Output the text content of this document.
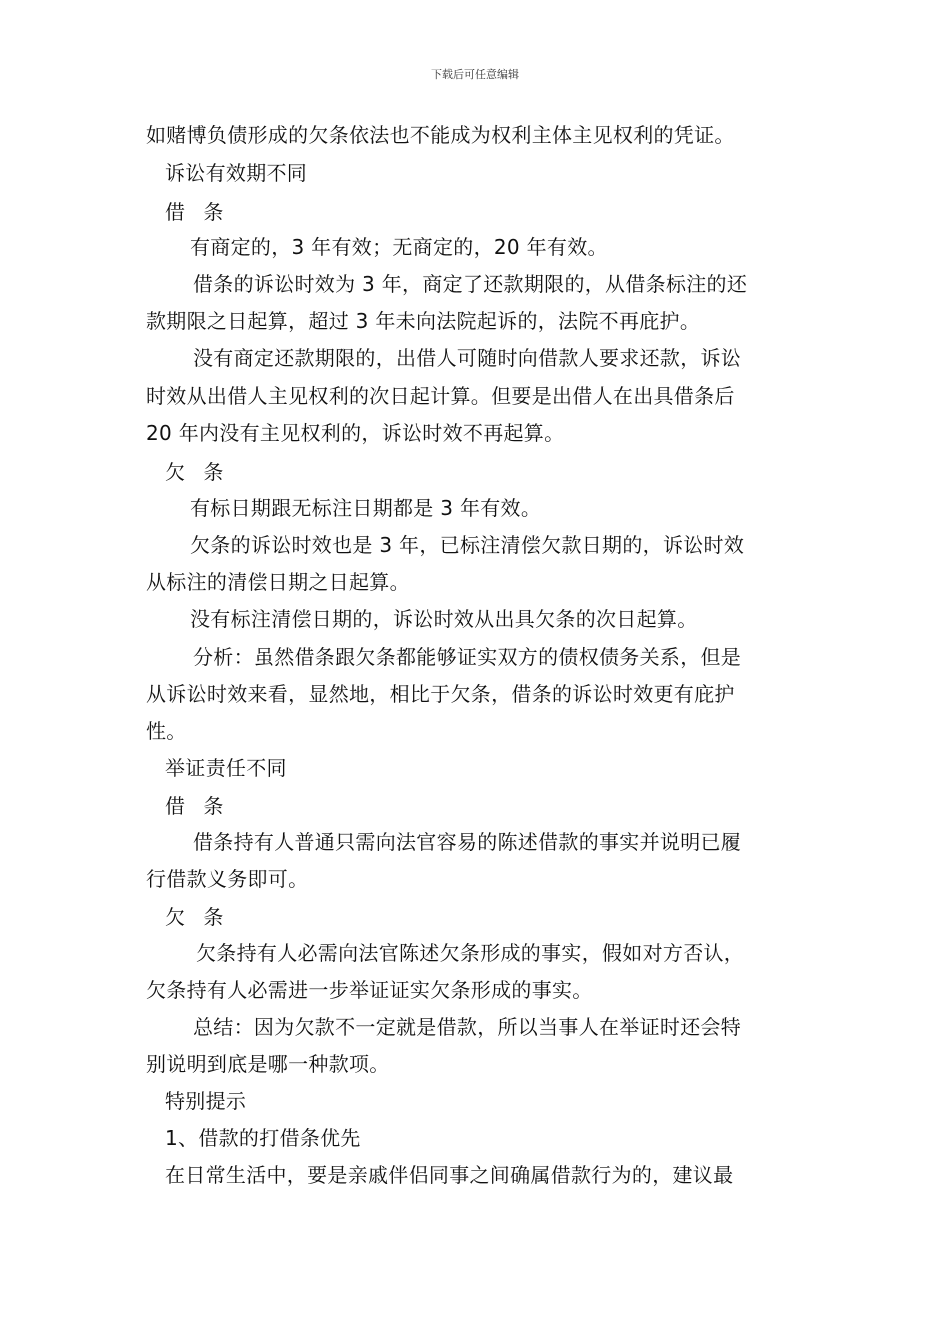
下载后可任意编辑
如赌博负债形成的欠条依法也不能成为权利主体主见权利的凭证。
诉讼有效期不同
借 条
有商定的，3 年有效；无商定的，20 年有效。
借条的诉讼时效为 3 年，商定了还款期限的，从借条标注的还
款期限之日起算，超过 3 年未向法院起诉的，法院不再庇护。
没有商定还款期限的，出借人可随时向借款人要求还款，诉讼
时效从出借人主见权利的次日起计算。但要是出借人在出具借条后
20 年内没有主见权利的，诉讼时效不再起算。
欠 条
有标日期跟无标注日期都是 3 年有效。
欠条的诉讼时效也是 3 年，已标注清偿欠款日期的，诉讼时效
从标注的清偿日期之日起算。
没有标注清偿日期的，诉讼时效从出具欠条的次日起算。
分析：虽然借条跟欠条都能够证实双方的债权债务关系，但是
从诉讼时效来看，显然地，相比于欠条，借条的诉讼时效更有庇护
性。
举证责任不同
借 条
借条持有人普通只需向法官容易的陈述借款的事实并说明已履
行借款义务即可。
欠 条
欠条持有人必需向法官陈述欠条形成的事实，假如对方否认，
欠条持有人必需进一步举证证实欠条形成的事实。
总结：因为欠款不一定就是借款，所以当事人在举证时还会特
别说明到底是哪一种款项。
特别提示
1、借款的打借条优先
在日常生活中，要是亲戚伴侣同事之间确属借款行为的，建议最
